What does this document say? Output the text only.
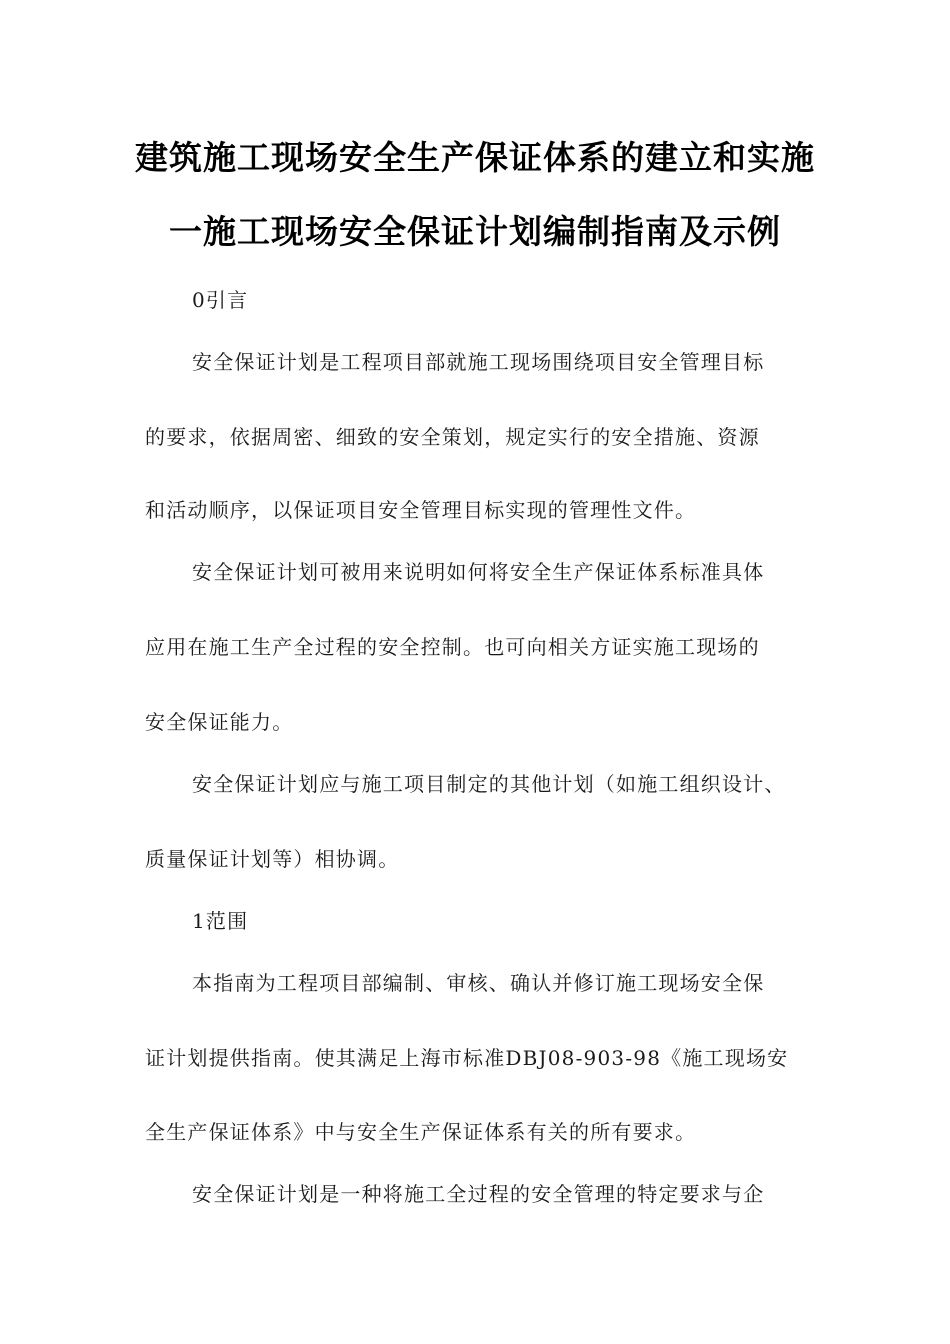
建筑施工现场安全生产保证体系的建立和实施
一施工现场安全保证计划编制指南及示例
0引言
安全保证计划是工程项目部就施工现场围绕项目安全管理目标
的要求，依据周密、细致的安全策划，规定实行的安全措施、资源
和活动顺序，以保证项目安全管理目标实现的管理性文件。
安全保证计划可被用来说明如何将安全生产保证体系标准具体
应用在施工生产全过程的安全控制。也可向相关方证实施工现场的
安全保证能力。
安全保证计划应与施工项目制定的其他计划（如施工组织设计、
质量保证计划等）相协调。
1范围
本指南为工程项目部编制、审核、确认并修订施工现场安全保
证计划提供指南。使其满足上海市标准DBJ08-903-98《施工现场安
全生产保证体系》中与安全生产保证体系有关的所有要求。
安全保证计划是一种将施工全过程的安全管理的特定要求与企
